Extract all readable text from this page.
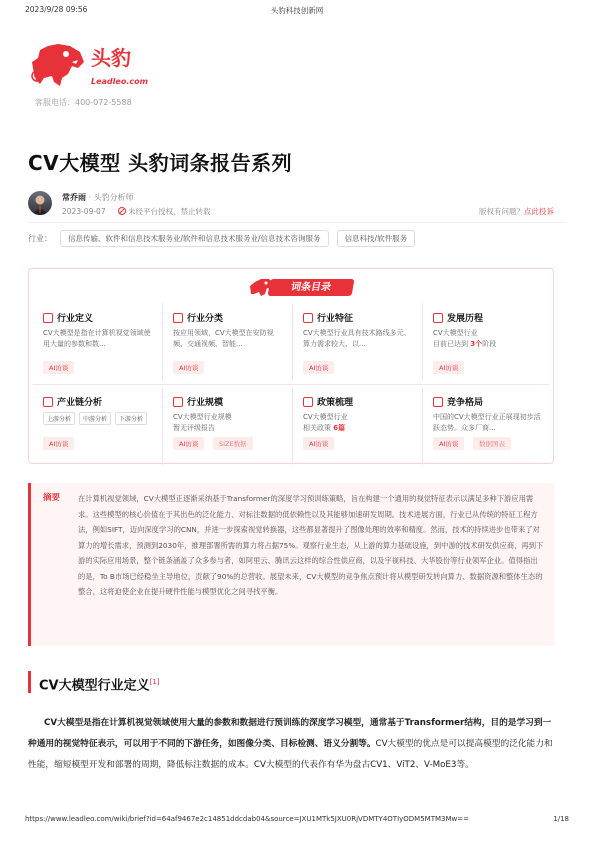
2023/9/28 09:56	头豹科技创新网
头豹
Leadleo.com
客服电话：400-072-5588
CV大模型 头豹词条报告系列
常乔雨 · 头豹分析师
2023-09-07	未经平台授权，禁止转载	版权有问题？点此投诉
行业：	信息传输、软件和信息技术服务业/软件和信息技术服务业/信息技术咨询服务	信息科技/软件服务
词条目录
行业定义
CV大模型是指在计算机视觉领域使用大量的参数和数...
AI访谈
行业分类
按应用领域，CV大模型在安防视频、交通视频、智能...
AI访谈
行业特征
CV大模型行业具有技术路线多元、算力需求较大、以...
AI访谈
发展历程
CV大模型行业
目前已达到 3个阶段
AI访谈
产业链分析
上游分析	中游分析	下游分析
AI访谈
行业规模
CV大模型行业规模
暂无评级报告
AI访谈	SIZE数据
政策梳理
CV大模型行业
相关政策 6篇
AI访谈
竞争格局
中国的CV大模型行业正展现初步活跃态势。众多厂商...
AI访谈	数据图表
摘要 在计算机视觉领域，CV大模型正逐渐采纳基于Transformer的深度学习预训练策略，旨在构建一个通用的视觉特征表示以满足多种下游应用需求。这些模型的核心价值在于其出色的泛化能力、对标注数据的低依赖性以及其能够加速研发周期。技术进展方面，行业已从传统的特征工程方法，例如SIFT，迈向深度学习的CNN，并进一步探索视觉转换器，这些都显著提升了图像处理的效率和精度。然而，技术的持续进步也带来了对算力的增长需求，预测到2030年，推理部署所需的算力将占据75%。观察行业生态，从上游的算力基础设施，到中游的技术研发供应商，再到下游的实际应用场景，整个链条涵盖了众多参与者，如阿里云、腾讯云这样的综合性供应商，以及宇视科技、大华股份等行业领军企业。值得指出的是，To B市场已经稳坐主导地位，贡献了90%的总营收。展望未来，CV大模型的竞争焦点预计将从模型研发转向算力、数据资源和整体生态的整合，这将迫使企业在提升硬件性能与模型优化之间寻找平衡。

CV大模型行业定义[1]

CV大模型是指在计算机视觉领域使用大量的参数和数据进行预训练的深度学习模型，通常基于Transformer结构，目的是学习到一种通用的视觉特征表示，可以用于不同的下游任务，如图像分类、目标检测、语义分割等。CV大模型的优点是可以提高模型的泛化能力和性能，缩短模型开发和部署的周期，降低标注数据的成本。CV大模型的代表作有华为盘古CV1、ViT2、V-MoE3等。

https://www.leadleo.com/wiki/brief?id=64af9467e2c14851ddcdab04&source=JXU1MTk5JXU0RjVDMTY4OTIyODM5MTM3Mw==	1/18
